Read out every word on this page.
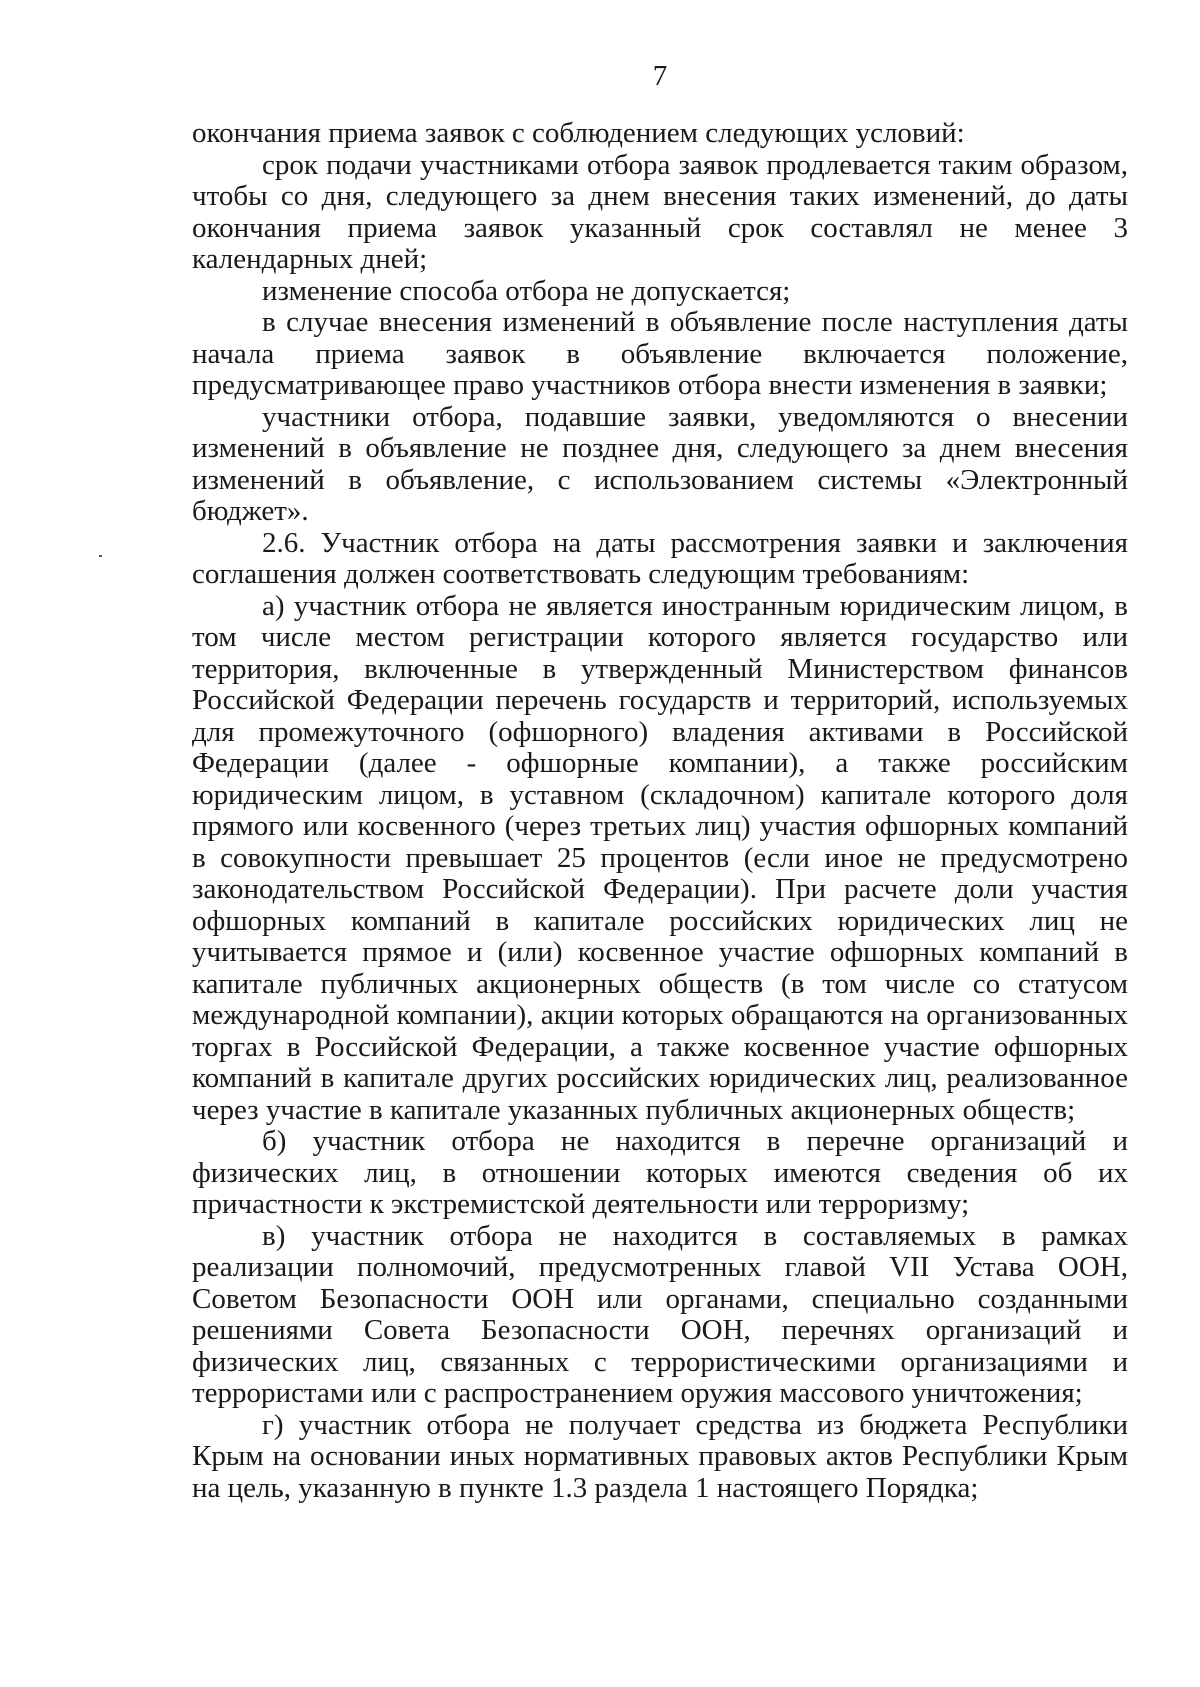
7

окончания приема заявок с соблюдением следующих условий:

срок подачи участниками отбора заявок продлевается таким образом, чтобы со дня, следующего за днем внесения таких изменений, до даты окончания приема заявок указанный срок составлял не менее 3 календарных дней;

изменение способа отбора не допускается;

в случае внесения изменений в объявление после наступления даты начала приема заявок в объявление включается положение, предусматривающее право участников отбора внести изменения в заявки;

участники отбора, подавшие заявки, уведомляются о внесении изменений в объявление не позднее дня, следующего за днем внесения изменений в объявление, с использованием системы «Электронный бюджет».

2.6. Участник отбора на даты рассмотрения заявки и заключения соглашения должен соответствовать следующим требованиям:

а) участник отбора не является иностранным юридическим лицом, в том числе местом регистрации которого является государство или территория, включенные в утвержденный Министерством финансов Российской Федерации перечень государств и территорий, используемых для промежуточного (офшорного) владения активами в Российской Федерации (далее - офшорные компании), а также российским юридическим лицом, в уставном (складочном) капитале которого доля прямого или косвенного (через третьих лиц) участия офшорных компаний в совокупности превышает 25 процентов (если иное не предусмотрено законодательством Российской Федерации). При расчете доли участия офшорных компаний в капитале российских юридических лиц не учитывается прямое и (или) косвенное участие офшорных компаний в капитале публичных акционерных обществ (в том числе со статусом международной компании), акции которых обращаются на организованных торгах в Российской Федерации, а также косвенное участие офшорных компаний в капитале других российских юридических лиц, реализованное через участие в капитале указанных публичных акционерных обществ;

б) участник отбора не находится в перечне организаций и физических лиц, в отношении которых имеются сведения об их причастности к экстремистской деятельности или терроризму;

в) участник отбора не находится в составляемых в рамках реализации полномочий, предусмотренных главой VII Устава ООН, Советом Безопасности ООН или органами, специально созданными решениями Совета Безопасности ООН, перечнях организаций и физических лиц, связанных с террористическими организациями и террористами или с распространением оружия массового уничтожения;

г) участник отбора не получает средства из бюджета Республики Крым на основании иных нормативных правовых актов Республики Крым на цель, указанную в пункте 1.3 раздела 1 настоящего Порядка;
